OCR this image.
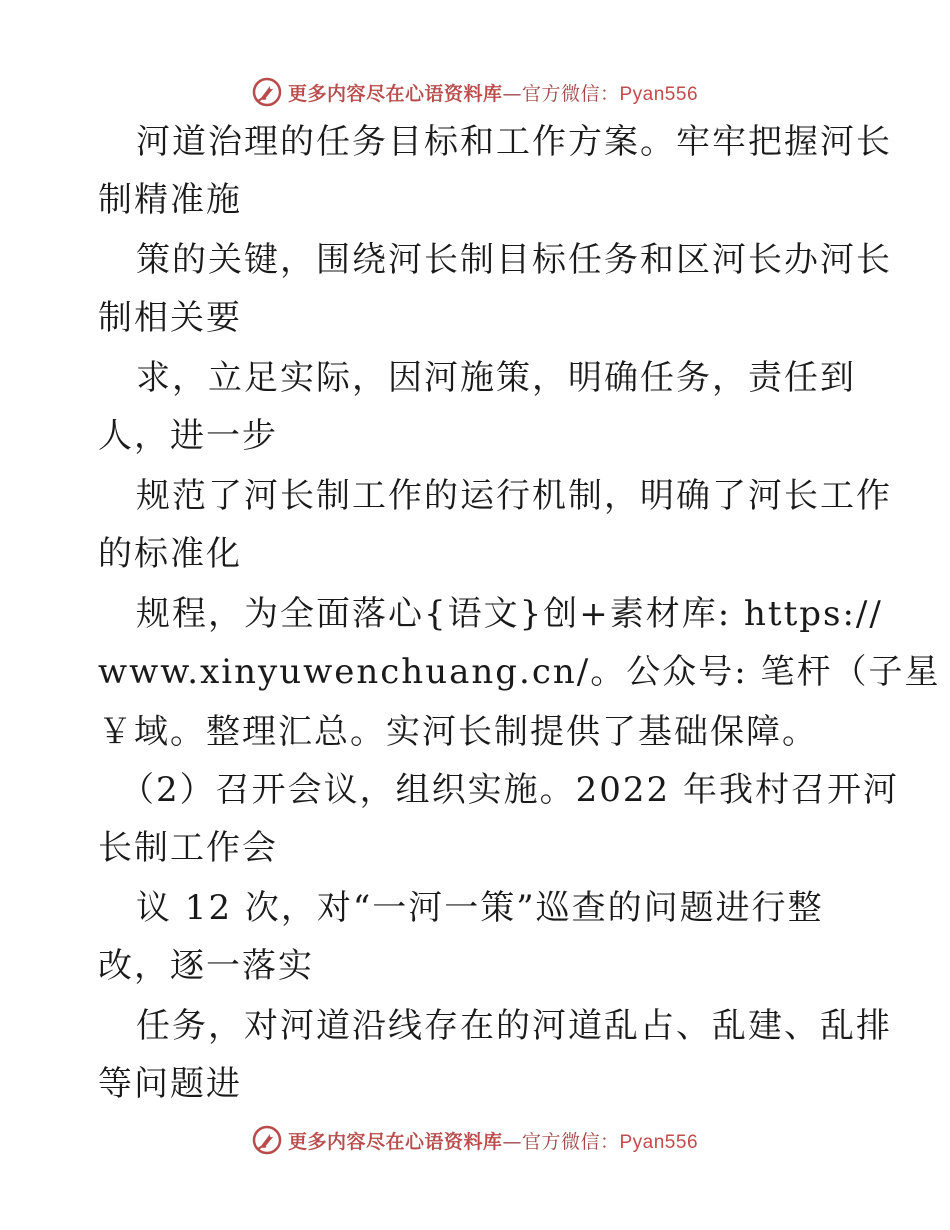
更多内容尽在心语资料库—官方微信：Pyan556
河道治理的任务目标和工作方案。牢牢把握河长
制精准施
策的关键，围绕河长制目标任务和区河长办河长
制相关要
求，立足实际，因河施策，明确任务，责任到
人，进一步
规范了河长制工作的运行机制，明确了河长工作
的标准化
规程，为全面落心{语文}创+素材库: https://
www.xinyuwenchuang.cn/。公众号: 笔杆（子星
￥域。整理汇总。实河长制提供了基础保障。
（2）召开会议，组织实施。2022 年我村召开河
长制工作会
议 12 次，对“一河一策”巡查的问题进行整
改，逐一落实
任务，对河道沿线存在的河道乱占、乱建、乱排
等问题进
更多内容尽在心语资料库—官方微信：Pyan556
